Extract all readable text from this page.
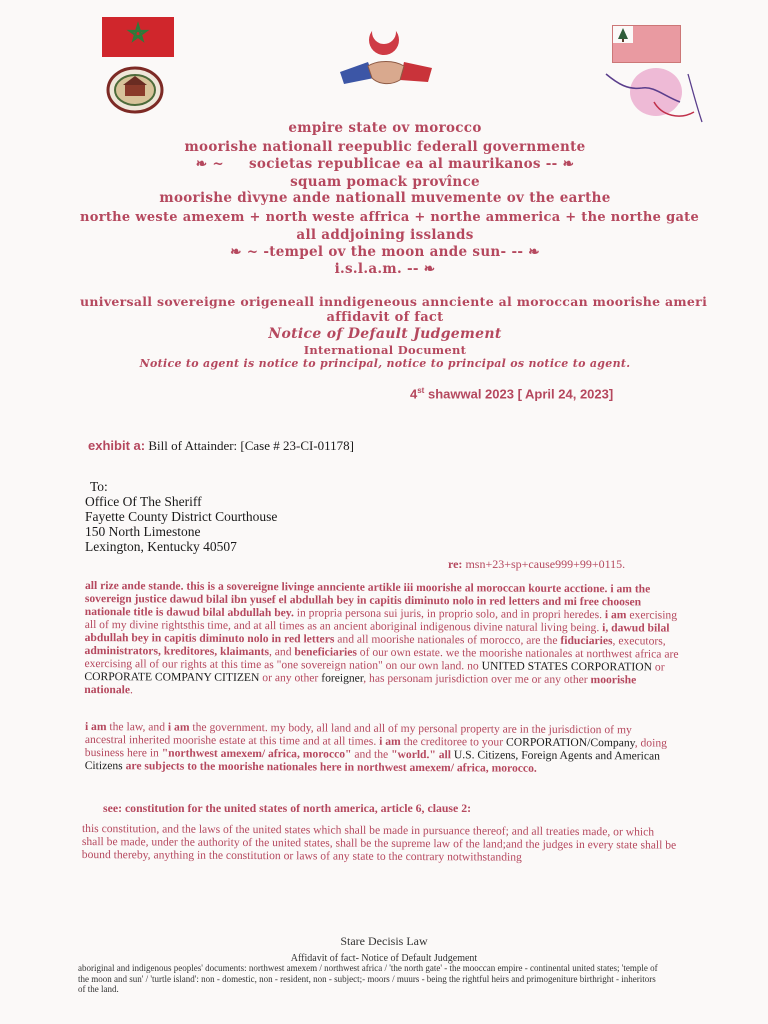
empire state ov morocco
moorishe nationall reepublic federall governmente
❧ ~ societas republicae ea al maurikanos -- ❧
squam pomack provînce
moorishe dìvyne ande nationall muvemente ov the earthe
northe weste amexem + north weste affrica + northe ammerica + the northe gate
all addjoining isslands
❧ ~ -tempel ov the moon ande sun- -- ❧
i.s.l.a.m. -- ❧
universall sovereigne origeneall inndigeneous annciente al moroccan moorishe ameri
affidavit of fact
Notice of Default Judgement
International Document
Notice to agent is notice to principal, notice to principal os notice to agent.
4st shawwal 2023 [ April 24, 2023]
exhibit a: Bill of Attainder: [Case # 23-CI-01178]
To:
Office Of The Sheriff
Fayette County District Courthouse
150 North Limestone
Lexington, Kentucky 40507
re: msn+23+sp+cause999+99+0115.
all rize ande stande. this is a sovereigne livinge annciente artikle iii moorishe al moroccan kourte acctione. i am the sovereign justice dawud bilal ibn yusef el abdullah bey in capitis diminuto nolo in red letters and mi free choosen nationale title is dawud bilal abdullah bey. in propria persona sui juris, in proprio solo, and in propri heredes. i am exercising all of my divine rightsthis time, and at all times as an ancient aboriginal indigenous divine natural living being. i, dawud bilal abdullah bey in capitis diminuto nolo in red letters and all moorishe nationales of morocco, are the fiduciaries, executors, administrators, kreditores, klaimants, and beneficiaries of our own estate. we the moorishe nationales at northwest africa are exercising all of our rights at this time as "one sovereign nation" on our own land. no UNITED STATES CORPORATION or CORPORATE COMPANY CITIZEN or any other foreigner, has personam jurisdiction over me or any other moorishe nationale.
i am the law, and i am the government. my body, all land and all of my personal property are in the jurisdiction of my ancestral inherited moorishe estate at this time and at all times. i am the creditoree to your CORPORATION/Company, doing business here in "northwest amexem/ africa, morocco" and the "world." all U.S. Citizens, Foreign Agents and American Citizens are subjects to the moorishe nationales here in northwest amexem/ africa, morocco.
see: constitution for the united states of north america, article 6, clause 2:
this constitution, and the laws of the united states which shall be made in pursuance thereof; and all treaties made, or which shall be made, under the authority of the united states, shall be the supreme law of the land;and the judges in every state shall be bound thereby, anything in the constitution or laws of any state to the contrary notwithstanding
Stare Decisis Law
Affidavit of fact- Notice of Default Judgement
aboriginal and indigenous peoples' documents: northwest amexem / northwest africa / 'the north gate' - the mooccan empire - continental united states; 'temple of the moon and sun' / 'turtle island': non - domestic, non - resident, non - subject;- moors / muurs - being the rightful heirs and primogeniture birthright - inheritors of the land.
